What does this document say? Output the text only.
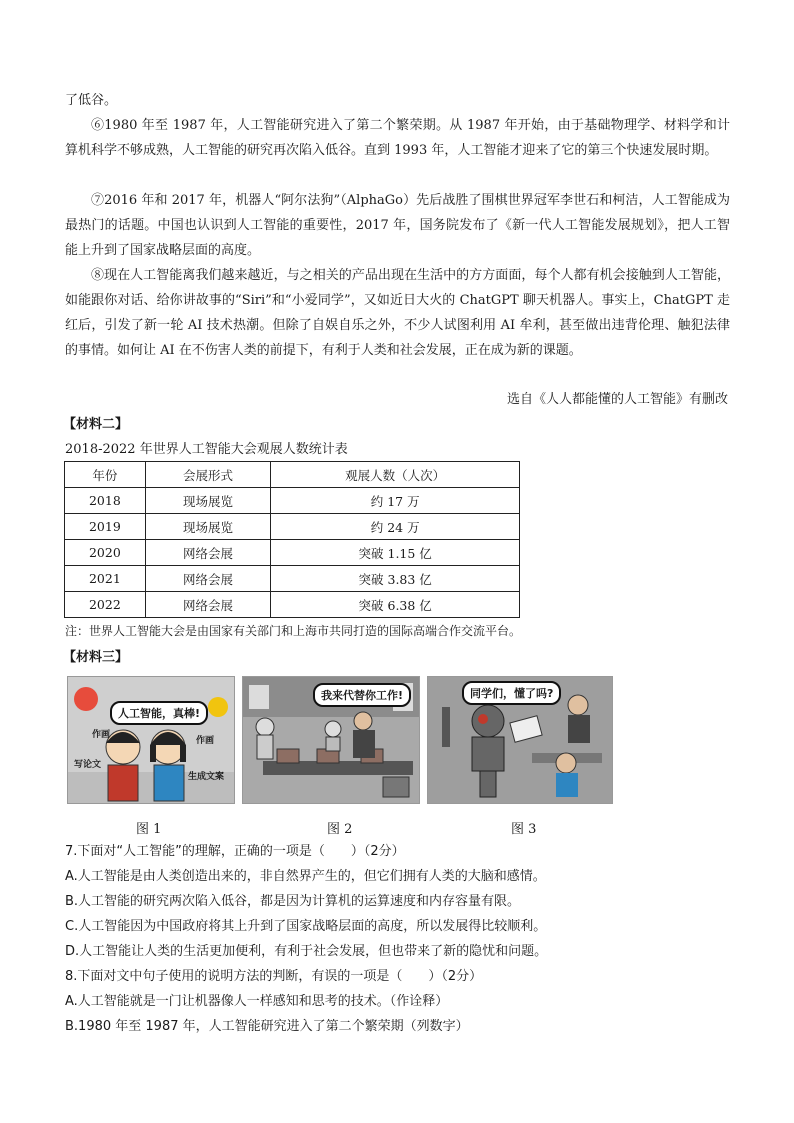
了低谷。
⑥1980 年至 1987 年，人工智能研究进入了第二个繁荣期。从 1987 年开始，由于基础物理学、材料学和计算机科学不够成熟，人工智能的研究再次陷入低谷。直到 1993 年，人工智能才迎来了它的第三个快速发展时期。
⑦2016 年和 2017 年，机器人“阿尔法狗”（AlphaGo）先后战胜了围棋世界冠军李世石和柯洁，人工智能成为最热门的话题。中国也认识到人工智能的重要性，2017 年，国务院发布了《新一代人工智能发展规划》，把人工智能上升到了国家战略层面的高度。
⑧现在人工智能离我们越来越近，与之相关的产品出现在生活中的方方面面，每个人都有机会接触到人工智能，如能跟你对话、给你讲故事的“Siri”和“小爱同学”，又如近日大火的 ChatGPT 聊天机器人。事实上，ChatGPT 走红后，引发了新一轮 AI 技术热潮。但除了自娱自乐之外，不少人试图利用 AI 牟利，甚至做出违背伦理、触犯法律的事情。如何让 AI 在不伤害人类的前提下，有利于人类和社会发展，正在成为新的课题。
选自《人人都能懂的人工智能》有删改
【材料二】
2018-2022 年世界人工智能大会观展人数统计表
年份	会展形式	观展人数（人次）
2018	现场展览	约 17 万
2019	现场展览	约 24 万
2020	网络会展	突破 1.15 亿
2021	网络会展	突破 3.83 亿
2022	网络会展	突破 6.38 亿
注：世界人工智能大会是由国家有关部门和上海市共同打造的国际高端合作交流平台。
【材料三】
人工智能，真棒!
作画
作画
写论文
生成文案
我来代替你工作!	同学们，懂了吗?
图 1	图 2	图 3
7.下面对“人工智能”的理解，正确的一项是（　　）（2分）
A.人工智能是由人类创造出来的，非自然界产生的，但它们拥有人类的大脑和感情。
B.人工智能的研究两次陷入低谷，都是因为计算机的运算速度和内存容量有限。
C.人工智能因为中国政府将其上升到了国家战略层面的高度，所以发展得比较顺利。
D.人工智能让人类的生活更加便利，有利于社会发展，但也带来了新的隐忧和问题。
8.下面对文中句子使用的说明方法的判断，有误的一项是（　　）（2分）
A.人工智能就是一门让机器像人一样感知和思考的技术。（作诠释）
B.1980 年至 1987 年，人工智能研究进入了第二个繁荣期（列数字）
